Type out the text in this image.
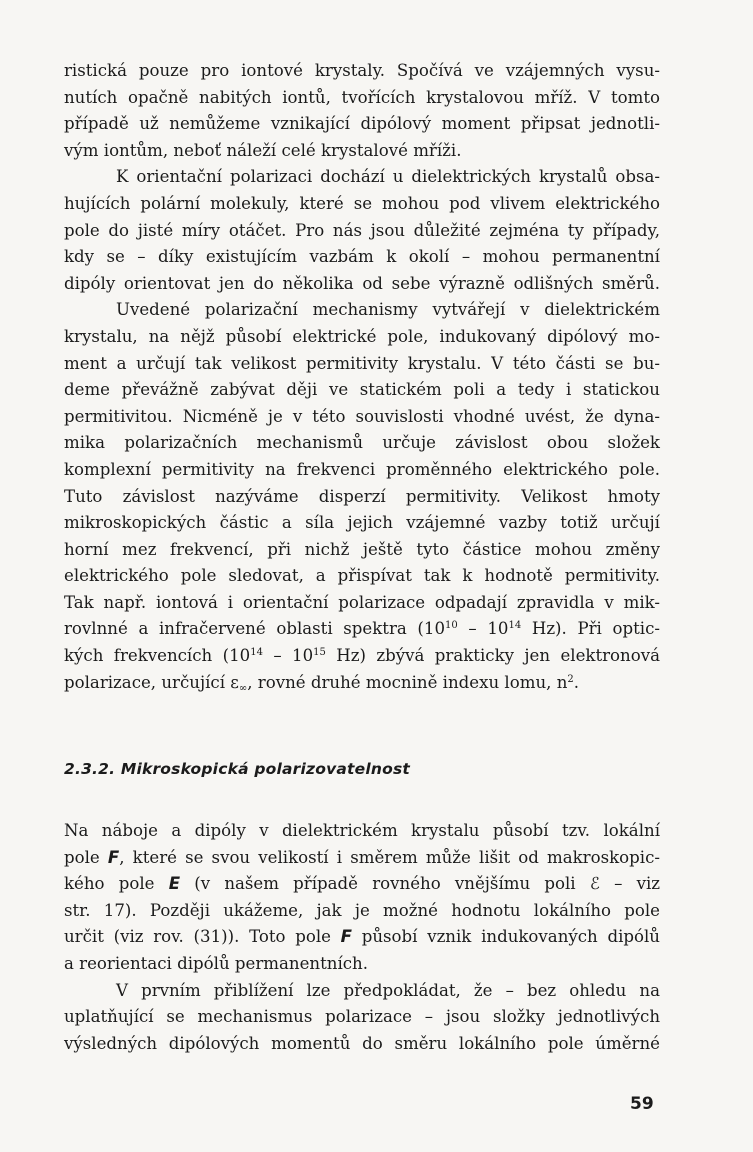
ristická pouze pro iontové krystaly. Spočívá ve vzájemných vysu-
nutích opačně nabitých iontů, tvořících krystalovou mříž. V tomto
případě už nemůžeme vznikající dipólový moment připsat jednotli-
vým iontům, neboť náleží celé krystalové mříži.
K orientační polarizaci dochází u dielektrických krystalů obsa-
hujících polární molekuly, které se mohou pod vlivem elektrického
pole do jisté míry otáčet. Pro nás jsou důležité zejména ty případy,
kdy se – díky existujícím vazbám k okolí – mohou permanentní
dipóly orientovat jen do několika od sebe výrazně odlišných směrů.
Uvedené polarizační mechanismy vytvářejí v dielektrickém
krystalu, na nějž působí elektrické pole, indukovaný dipólový mo-
ment a určují tak velikost permitivity krystalu. V této části se bu-
deme převážně zabývat ději ve statickém poli a tedy i statickou
permitivitou. Nicméně je v této souvislosti vhodné uvést, že dyna-
mika polarizačních mechanismů určuje závislost obou složek
komplexní permitivity na frekvenci proměnného elektrického pole.
Tuto závislost nazýváme disperzí permitivity. Velikost hmoty
mikroskopických částic a síla jejich vzájemné vazby totiž určují
horní mez frekvencí, při nichž ještě tyto částice mohou změny
elektrického pole sledovat, a přispívat tak k hodnotě permitivity.
Tak např. iontová i orientační polarizace odpadají zpravidla v mik-
rovlnné a infračervené oblasti spektra ($10^{10} - 10^{14}$ Hz). Při optic-
kých frekvencích ($10^{14} - 10^{15}$ Hz) zbývá prakticky jen elektronová
polarizace, určující $\varepsilon_\infty$, rovné druhé mocnině indexu lomu, $n^2$.
2.3.2. Mikroskopická polarizovatelnost
Na náboje a dipóly v dielektrickém krystalu působí tzv. lokální
pole F, které se svou velikostí i směrem může lišit od makroskopic-
kého pole E (v našem případě rovného vnějšímu poli ℰ – viz
str. 17). Později ukážeme, jak je možné hodnotu lokálního pole
určit (viz rov. (31)). Toto pole F působí vznik indukovaných dipólů
a reorientaci dipólů permanentních.
V prvním přiblížení lze předpokládat, že – bez ohledu na
uplatňující se mechanismus polarizace – jsou složky jednotlivých
výsledných dipólových momentů do směru lokálního pole úměrné
59
